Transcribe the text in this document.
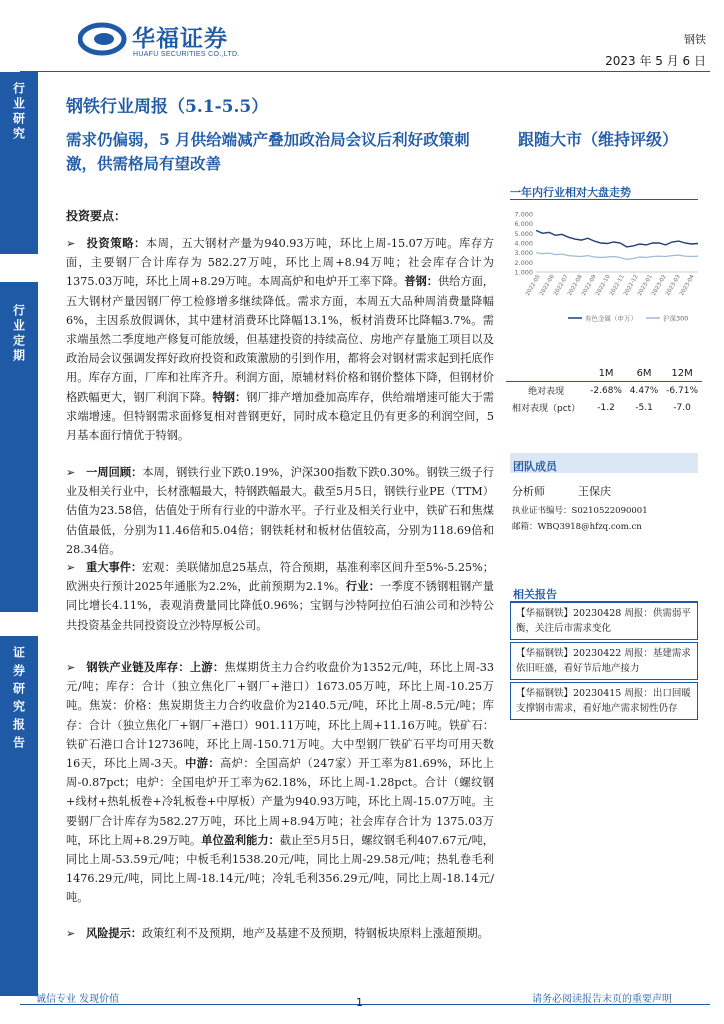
华福证券
HUAFU SECURITIES CO.,LTD.
钢铁
2023 年 5 月 6 日
行业研究
行业定期
证券研究报告
钢铁行业周报（5.1-5.5）
需求仍偏弱，5 月供给端减产叠加政治局会议后利好政策刺激，供需格局有望改善
跟随大市（维持评级）
投资要点：

➢ 投资策略：本周，五大钢材产量为940.93万吨，环比上周-15.07万吨。库存方面，主要钢厂合计库存为 582.27万吨，环比上周+8.94万吨；社会库存合计为 1375.03万吨，环比上周+8.29万吨。本周高炉和电炉开工率下降。普钢：供给方面，五大钢材产量因钢厂停工检修增多继续降低。需求方面，本周五大品种周消费量降幅6%，主因系放假调休，其中建材消费环比降幅13.1%，板材消费环比降幅3.7%。需求端虽然二季度地产修复可能放缓，但基建投资的持续高位、房地产存量施工项目以及政治局会议强调发挥好政府投资和政策激励的引到作用，都将会对钢材需求起到托底作用。库存方面，厂库和社库齐升。利润方面，原辅材料价格和钢价整体下降，但钢材价格跌幅更大，钢厂利润下降。特钢：钢厂排产增加叠加高库存，供给端增速可能大于需求端增速。但特钢需求面修复相对普钢更好，同时成本稳定且仍有更多的利润空间，5月基本面行情优于特钢。

➢ 一周回顾：本周，钢铁行业下跌0.19%，沪深300指数下跌0.30%。钢铁三级子行业及相关行业中，长材涨幅最大，特钢跌幅最大。截至5月5日，钢铁行业PE（TTM）估值为23.58倍，估值处于所有行业的中游水平。子行业及相关行业中，铁矿石和焦煤估值最低，分别为11.46倍和5.04倍；钢铁耗材和板材估值较高，分别为118.69倍和28.34倍。

➢ 重大事件：宏观：美联储加息25基点，符合预期，基准利率区间升至5%-5.25%；欧洲央行预计2025年通胀为2.2%，此前预期为2.1%。行业：一季度不锈钢粗钢产量同比增长4.11%，表观消费量同比降低0.96%；宝钢与沙特阿拉伯石油公司和沙特公共投资基金共同投资设立沙特厚板公司。

➢ 钢铁产业链及库存：上游：焦煤期货主力合约收盘价为1352元/吨，环比上周-33元/吨；库存：合计（独立焦化厂+钢厂+港口）1673.05万吨，环比上周-10.25万吨。焦炭：价格：焦炭期货主力合约收盘价为2140.5元/吨，环比上周-8.5元/吨；库存：合计（独立焦化厂+钢厂+港口）901.11万吨，环比上周+11.16万吨。铁矿石：铁矿石港口合计12736吨，环比上周-150.71万吨。大中型钢厂铁矿石平均可用天数16天，环比上周-3天。中游：高炉：全国高炉（247家）开工率为81.69%，环比上周-0.87pct；电炉：全国电炉开工率为62.18%，环比上周-1.28pct。合计（螺纹钢+线材+热轧板卷+冷轧板卷+中厚板）产量为940.93万吨，环比上周-15.07万吨。主要钢厂合计库存为582.27万吨，环比上周+8.94万吨；社会库存合计为 1375.03万吨，环比上周+8.29万吨。单位盈利能力：截止至5月5日，螺纹钢毛利407.67元/吨，同比上周-53.59元/吨；中板毛利1538.20元/吨，同比上周-29.58元/吨；热轧卷毛利1476.29元/吨，同比上周-18.14元/吨；冷轧毛利356.29元/吨，同比上周-18.14元/吨。

➢ 风险提示：政策红利不及预期，地产及基建不及预期，特钢板块原料上涨超预期。

一年内行业相对大盘走势
7.000
6.000
5.000
4.000
3.000
2.000
1.000
2022-05
2022-06
2022-07
2022-08
2022-09
2022-10
2022-11
2022-12
2023-01
2023-02
2023-03
2023-04
有色金属（申万）	沪深300
	1M	6M	12M
绝对表现	-2.68%	4.47%	-6.71%
相对表现（pct）	-1.2	-5.1	-7.0
团队成员
分析师	王保庆
执业证书编号：S0210522090001
邮箱：WBQ3918@hfzq.com.cn
相关报告
【华福钢铁】20230428 周报：供需弱平衡，关注后市需求变化
【华福钢铁】20230422 周报：基建需求依旧旺盛，看好节后地产接力
【华福钢铁】20230415 周报：出口回暖支撑钢市需求，看好地产需求韧性仍存
诚信专业 发现价值	1	请务必阅读报告末页的重要声明
